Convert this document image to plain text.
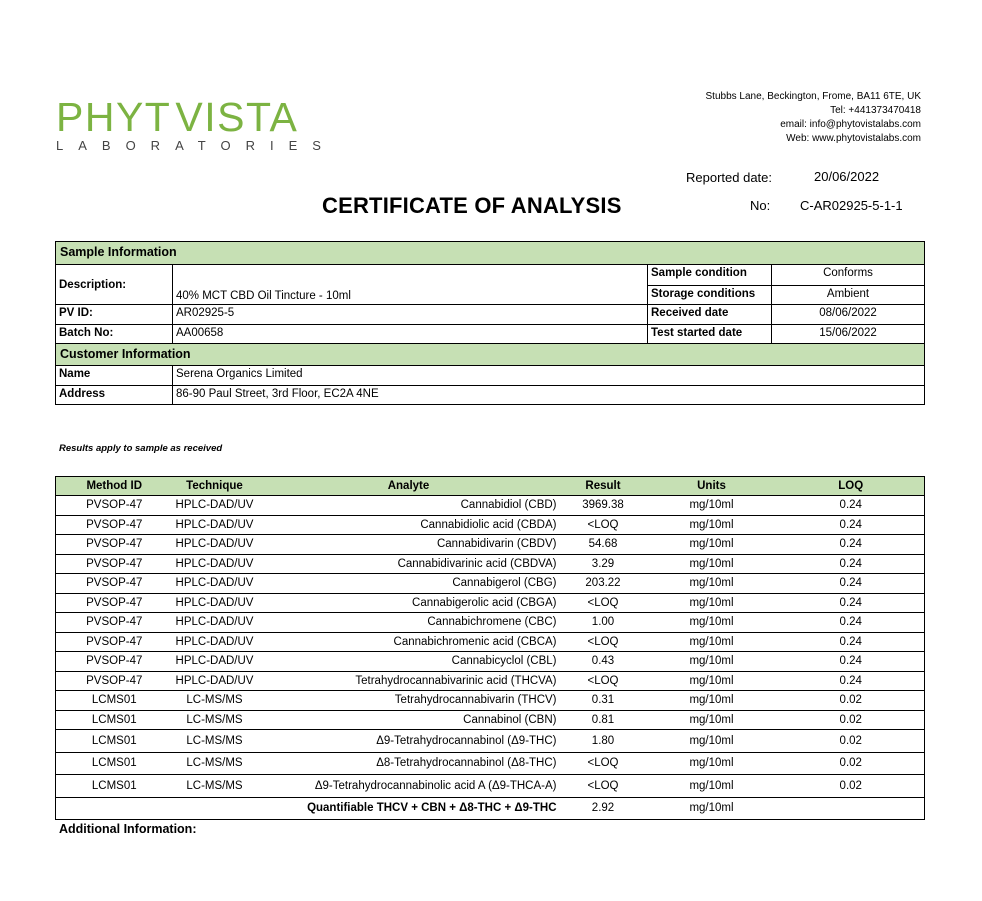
PHYT VISTA
LABORATORIES
Stubbs Lane, Beckington, Frome, BA11 6TE, UK
Tel: +441373470418
email: info@phytovistalabs.com
Web: www.phytovistalabs.com
Reported date:	20/06/2022
No: C-AR02925-5-1-1
CERTIFICATE OF ANALYSIS
Sample Information
Description:
40% MCT CBD Oil Tincture - 10ml
Sample condition	Conforms
Storage conditions	Ambient
PV ID:	AR02925-5	Received date	08/06/2022
Batch No:	AA00658	Test started date	15/06/2022
Customer Information
Name	Serena Organics Limited
Address	86-90 Paul Street, 3rd Floor, EC2A 4NE
Results apply to sample as received
Method ID	Technique	Analyte	Result	Units	LOQ
PVSOP-47	HPLC-DAD/UV	Cannabidiol (CBD)	3969.38	mg/10ml	0.24
PVSOP-47	HPLC-DAD/UV	Cannabidiolic acid (CBDA)	<LOQ	mg/10ml	0.24
PVSOP-47	HPLC-DAD/UV	Cannabidivarin (CBDV)	54.68	mg/10ml	0.24
PVSOP-47	HPLC-DAD/UV	Cannabidivarinic acid (CBDVA)	3.29	mg/10ml	0.24
PVSOP-47	HPLC-DAD/UV	Cannabigerol (CBG)	203.22	mg/10ml	0.24
PVSOP-47	HPLC-DAD/UV	Cannabigerolic acid (CBGA)	<LOQ	mg/10ml	0.24
PVSOP-47	HPLC-DAD/UV	Cannabichromene (CBC)	1.00	mg/10ml	0.24
PVSOP-47	HPLC-DAD/UV	Cannabichromenic acid (CBCA)	<LOQ	mg/10ml	0.24
PVSOP-47	HPLC-DAD/UV	Cannabicyclol (CBL)	0.43	mg/10ml	0.24
PVSOP-47	HPLC-DAD/UV	Tetrahydrocannabivarinic acid (THCVA)	<LOQ	mg/10ml	0.24
LCMS01	LC-MS/MS	Tetrahydrocannabivarin (THCV)	0.31	mg/10ml	0.02
LCMS01	LC-MS/MS	Cannabinol (CBN)	0.81	mg/10ml	0.02
LCMS01	LC-MS/MS	Δ9-Tetrahydrocannabinol (Δ9-THC)	1.80	mg/10ml	0.02
LCMS01	LC-MS/MS	Δ8-Tetrahydrocannabinol (Δ8-THC)	<LOQ	mg/10ml	0.02
LCMS01	LC-MS/MS	Δ9-Tetrahydrocannabinolic acid A (Δ9-THCA-A)	<LOQ	mg/10ml	0.02
		Quantifiable THCV + CBN + Δ8-THC + Δ9-THC	2.92	mg/10ml	
Additional Information:
